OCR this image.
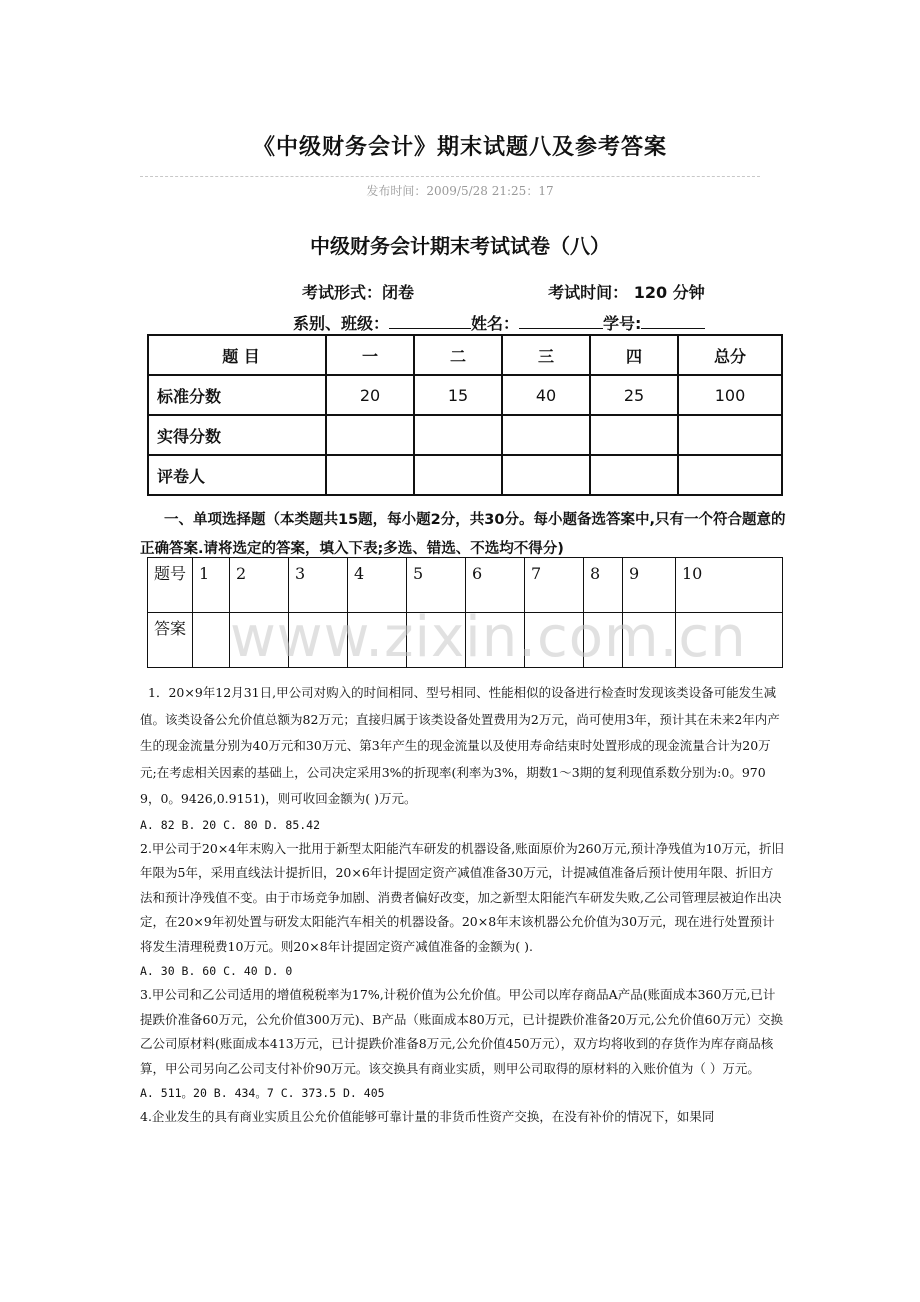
《中级财务会计》期末试题八及参考答案
发布时间：2009/5/28 21:25：17
中级财务会计期末考试试卷（八）
考试形式：闭卷	考试时间： 120 分钟
系别、班级：	姓名：	学号:
题 目	一	二	三	四	总分
标准分数	20	15	40	25	100
实得分数					
评卷人					
一、单项选择题（本类题共15题，每小题2分，共30分。每小题备选答案中,只有一个符合题意的正确答案.请将选定的答案，填入下表;多选、错选、不选均不得分)
题号	1	2	3	4	5	6	7	8	9	10
答案										www.zixin.com.cn

1．20×9年12月31日,甲公司对购入的时间相同、型号相同、性能相似的设备进行检查时发现该类设备可能发生减值。该类设备公允价值总额为82万元；直接归属于该类设备处置费用为2万元，尚可使用3年，预计其在未来2年内产生的现金流量分别为40万元和30万元、第3年产生的现金流量以及使用寿命结束时处置形成的现金流量合计为20万元;在考虑相关因素的基础上，公司决定采用3%的折现率(利率为3%，期数1～3期的复利现值系数分别为:0。9709，0。9426,0.9151)，则可收回金额为( )万元。

A. 82 B. 20 C. 80 D. 85.42

2.甲公司于20×4年末购入一批用于新型太阳能汽车研发的机器设备,账面原价为260万元,预计净残值为10万元，折旧年限为5年，采用直线法计提折旧，20×6年计提固定资产减值准备30万元，计提减值准备后预计使用年限、折旧方法和预计净残值不变。由于市场竞争加剧、消费者偏好改变，加之新型太阳能汽车研发失败,乙公司管理层被迫作出决定，在20×9年初处置与研发太阳能汽车相关的机器设备。20×8年末该机器公允价值为30万元，现在进行处置预计将发生清理税费10万元。则20×8年计提固定资产减值准备的金额为( ).

A. 30 B. 60 C. 40 D. 0

3.甲公司和乙公司适用的增值税税率为17%,计税价值为公允价值。甲公司以库存商品A产品(账面成本360万元,已计提跌价准备60万元，公允价值300万元)、B产品（账面成本80万元，已计提跌价准备20万元,公允价值60万元）交换乙公司原材料(账面成本413万元，已计提跌价准备8万元,公允价值450万元），双方均将收到的存货作为库存商品核算，甲公司另向乙公司支付补价90万元。该交换具有商业实质，则甲公司取得的原材料的入账价值为（ ）万元。

A. 511。20 B. 434。7 C. 373.5 D. 405

4.企业发生的具有商业实质且公允价值能够可靠计量的非货币性资产交换，在没有补价的情况下，如果同
